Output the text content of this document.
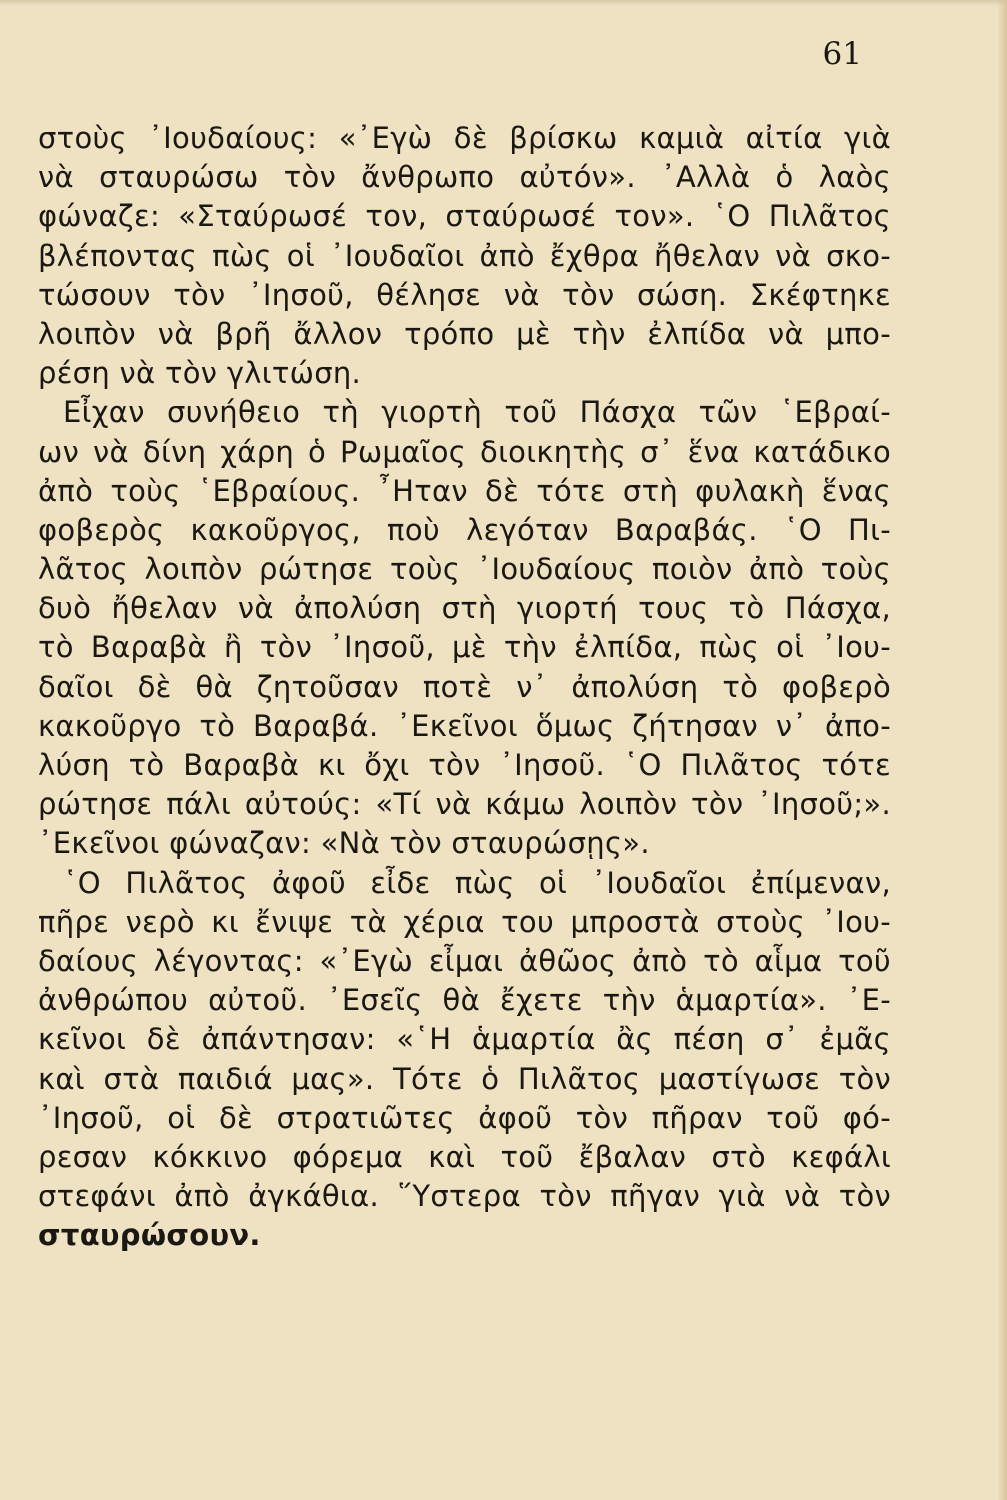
61
στοὺς ᾿Ιουδαίους: «᾿Εγὼ δὲ βρίσκω καμιὰ αἰτία γιὰ
νὰ σταυρώσω τὸν ἄνθρωπο αὐτόν». ᾿Αλλὰ ὁ λαὸς
φώναζε: «Σταύρωσέ τον, σταύρωσέ τον». ῾Ο Πιλᾶτος
βλέποντας πὼς οἱ ᾿Ιουδαῖοι ἀπὸ ἔχθρα ἤθελαν νὰ σκο-
τώσουν τὸν ᾿Ιησοῦ, θέλησε νὰ τὸν σώση. Σκέφτηκε
λοιπὸν νὰ βρῆ ἄλλον τρόπο μὲ τὴν ἐλπίδα νὰ μπο-
ρέση νὰ τὸν γλιτώση.
Εἶχαν συνήθειο τὴ γιορτὴ τοῦ Πάσχα τῶν ῾Εβραί-
ων νὰ δίνη χάρη ὁ Ρωμαῖος διοικητὴς σ᾿ ἕνα κατάδικο
ἀπὸ τοὺς ῾Εβραίους. ῏Ηταν δὲ τότε στὴ φυλακὴ ἕνας
φοβερὸς κακοῦργος, ποὺ λεγόταν Βαραβάς. ῾Ο Πι-
λᾶτος λοιπὸν ρώτησε τοὺς ᾿Ιουδαίους ποιὸν ἀπὸ τοὺς
δυὸ ἤθελαν νὰ ἀπολύση στὴ γιορτή τους τὸ Πάσχα,
τὸ Βαραβὰ ἢ τὸν ᾿Ιησοῦ, μὲ τὴν ἐλπίδα, πὼς οἱ ᾿Ιου-
δαῖοι δὲ θὰ ζητοῦσαν ποτὲ ν᾿ ἀπολύση τὸ φοβερὸ
κακοῦργο τὸ Βαραβά. ᾿Εκεῖνοι ὅμως ζήτησαν ν᾿ ἀπο-
λύση τὸ Βαραβὰ κι ὄχι τὸν ᾿Ιησοῦ. ῾Ο Πιλᾶτος τότε
ρώτησε πάλι αὐτούς: «Τί νὰ κάμω λοιπὸν τὸν ᾿Ιησοῦ;».
᾿Εκεῖνοι φώναζαν: «Νὰ τὸν σταυρώσῃς».
῾Ο Πιλᾶτος ἀφοῦ εἶδε πὼς οἱ ᾿Ιουδαῖοι ἐπίμεναν,
πῆρε νερὸ κι ἔνιψε τὰ χέρια του μπροστὰ στοὺς ᾿Ιου-
δαίους λέγοντας: «᾿Εγὼ εἶμαι ἀθῶος ἀπὸ τὸ αἷμα τοῦ
ἀνθρώπου αὐτοῦ. ᾿Εσεῖς θὰ ἔχετε τὴν ἁμαρτία». ᾿Ε-
κεῖνοι δὲ ἀπάντησαν: «῾Η ἁμαρτία ἂς πέση σ᾿ ἐμᾶς
καὶ στὰ παιδιά μας». Τότε ὁ Πιλᾶτος μαστίγωσε τὸν
᾿Ιησοῦ, οἱ δὲ στρατιῶτες ἀφοῦ τὸν πῆραν τοῦ φό-
ρεσαν κόκκινο φόρεμα καὶ τοῦ ἔβαλαν στὸ κεφάλι
στεφάνι ἀπὸ ἀγκάθια. ῞Υστερα τὸν πῆγαν γιὰ νὰ τὸν
σταυρώσουν.
